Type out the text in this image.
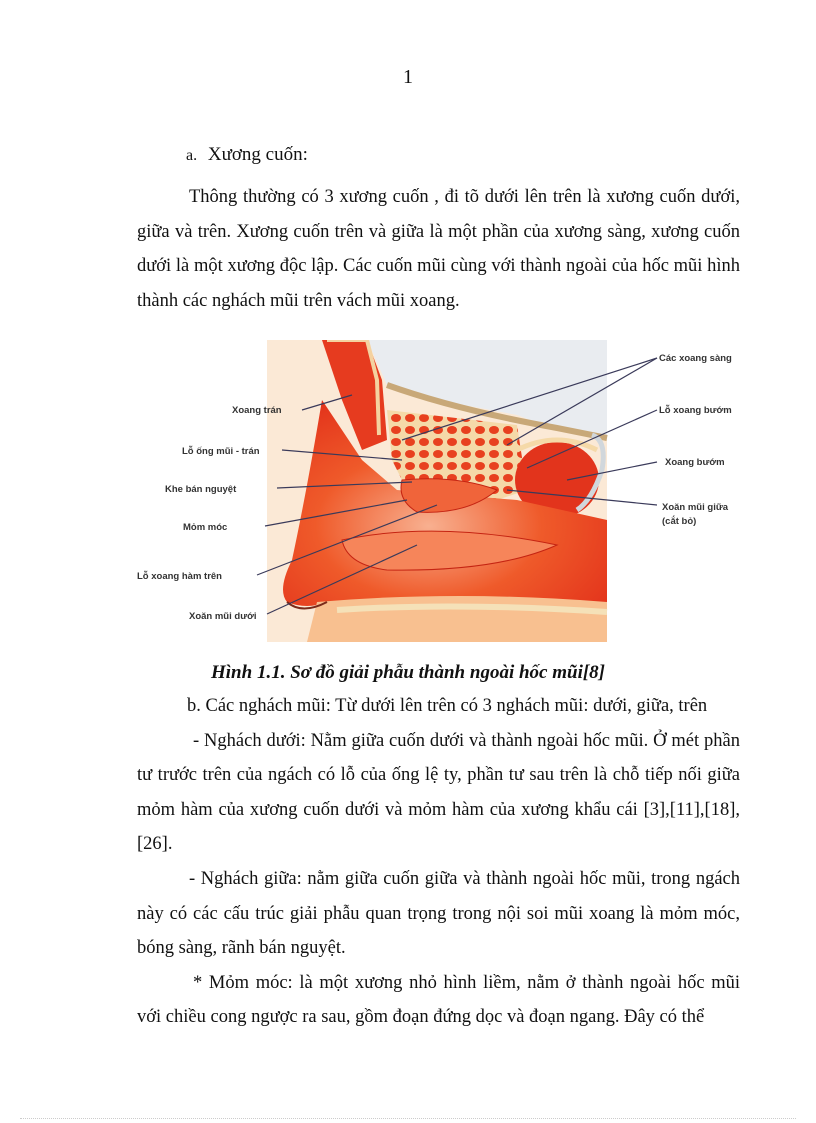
1
a. Xương cuốn:

Thông thường có 3 xương cuốn , đi tõ dưới lên trên là xương cuốn dưới, giữa và trên. Xương cuốn trên và giữa là một phần của xương sàng, xương cuốn dưới là một xương độc lập. Các cuốn mũi cùng với thành ngoài của hốc mũi hình thành các nghách mũi trên vách mũi xoang.

Xoang trán
Lỗ ống mũi - trán
Khe bán nguyệt
Mỏm móc
Lỗ xoang hàm trên
Xoăn mũi dưới
Các xoang sàng
Lỗ xoang bướm
Xoang bướm
Xoăn mũi giữa
(cắt bỏ)
Hình 1.1. Sơ đồ giải phẫu thành ngoài hốc mũi[8]
b. Các nghách mũi: Từ dưới lên trên có 3 nghách mũi: dưới, giữa, trên
- Nghách dưới: Nằm giữa cuốn dưới và thành ngoài hốc mũi. Ở mét phần tư trước trên của ngách có lỗ của ống lệ ty, phần tư sau trên là chỗ tiếp nối giữa mỏm hàm của xương cuốn dưới và mỏm hàm của xương khẩu cái [3],[11],[18],[26].
- Nghách giữa: nằm giữa cuốn giữa và thành ngoài hốc mũi, trong ngách này có các cấu trúc giải phẫu quan trọng trong nội soi mũi xoang là mỏm móc, bóng sàng, rãnh bán nguyệt.
* Mỏm móc: là một xương nhỏ hình liềm, nằm ở thành ngoài hốc mũi với chiều cong ngược ra sau, gồm đoạn đứng dọc và đoạn ngang. Đây có thể
